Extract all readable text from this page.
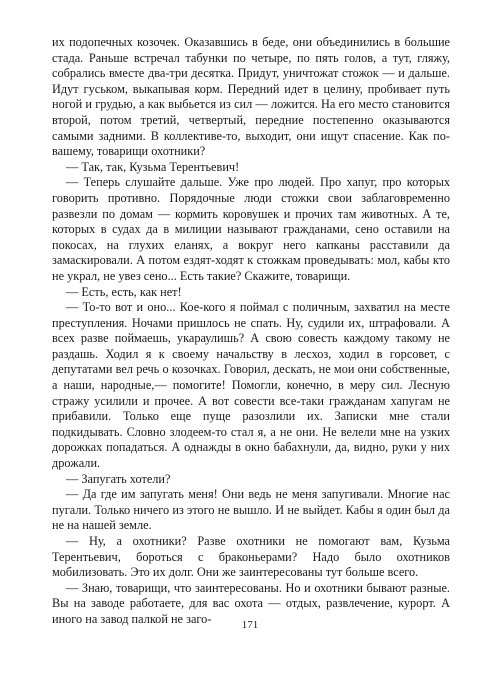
их подопечных козочек. Оказавшись в беде, они объединились в большие стада. Раньше встречал табунки по четыре, по пять голов, а тут, гляжу, собрались вместе два-три десятка. Придут, уничтожат стожок — и дальше. Идут гуськом, выкапывая корм. Передний идет в целину, пробивает путь ногой и грудью, а как выбьется из сил — ложится. На его место становится второй, потом третий, четвертый, передние постепенно оказываются самыми задними. В коллективе-то, выходит, они ищут спасение. Как по-вашему, товарищи охотники?

— Так, так, Кузьма Терентьевич!

— Теперь слушайте дальше. Уже про людей. Про хапуг, про которых говорить противно. Порядочные люди стожки свои заблаговременно развезли по домам — кормить коровушек и прочих там животных. А те, которых в судах да в милиции называют гражданами, сено оставили на покосах, на глухих еланях, а вокруг него капканы расставили да замаскировали. А потом ездят-ходят к стожкам проведывать: мол, кабы кто не украл, не увез сено... Есть такие? Скажите, товарищи.

— Есть, есть, как нет!

— То-то вот и оно... Кое-кого я поймал с поличным, захватил на месте преступления. Ночами пришлось не спать. Ну, судили их, штрафовали. А всех разве поймаешь, укараулишь? А свою совесть каждому такому не раздашь. Ходил я к своему начальству в лесхоз, ходил в горсовет, с депутатами вел речь о козочках. Говорил, дескать, не мои они собственные, а наши, народные,— помогите! Помогли, конечно, в меру сил. Лесную стражу усилили и прочее. А вот совести все-таки гражданам хапугам не прибавили. Только еще пуще разозлили их. Записки мне стали подкидывать. Словно злодеем-то стал я, а не они. Не велели мне на узких дорожках попадаться. А однажды в окно бабахнули, да, видно, руки у них дрожали.

— Запугать хотели?

— Да где им запугать меня! Они ведь не меня запугивали. Многие нас пугали. Только ничего из этого не вышло. И не выйдет. Кабы я один был да не на нашей земле.

— Ну, а охотники? Разве охотники не помогают вам, Кузьма Терентьевич, бороться с браконьерами? Надо было охотников мобилизовать. Это их долг. Они же заинтересованы тут больше всего.

— Знаю, товарищи, что заинтересованы. Но и охотники бывают разные. Вы на заводе работаете, для вас охота — отдых, развлечение, курорт. А иного на завод палкой не заго-	171
